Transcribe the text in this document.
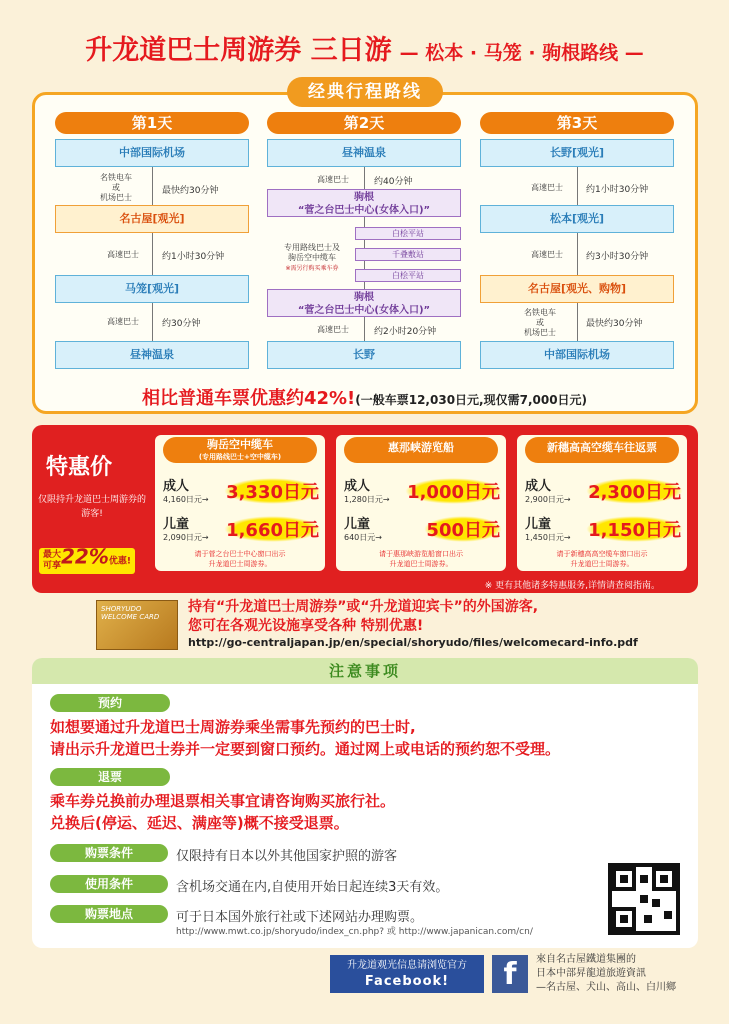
升龙道巴士周游券 三日游 — 松本 · 马笼 · 驹根路线 —
经典行程路线
第1天
中部国际机场
名铁电车
或
机场巴士
最快约30分钟
名古屋[观光]
高速巴士	约1小时30分钟
马笼[观光]
高速巴士	约30分钟
昼神温泉
第2天
昼神温泉
高速巴士	约40分钟
驹根
“菅之台巴士中心(女体入口)”
专用路线巴士及
驹岳空中缆车
※需另行购买乘车券
白桧平站
千叠敷站
白桧平站
驹根
“菅之台巴士中心(女体入口)”
高速巴士	约2小时20分钟
长野
第3天
长野[观光]
高速巴士	约1小时30分钟
松本[观光]
高速巴士	约3小时30分钟
名古屋[观光、购物]
名铁电车
或
机场巴士
最快约30分钟
中部国际机场
相比普通车票优惠约42%!(一般车票12,030日元,现仅需7,000日元)
特惠价
仅限持升龙道巴士周游券的游客!
最大
可享22%优惠!
驹岳空中缆车
(专用路线巴士+空中缆车)
成人
4,160日元→ 3,330日元
儿童
2,090日元→ 1,660日元
请于菅之台巴士中心窗口出示
升龙道巴士周游券。
惠那峡游览船
成人
1,280日元→ 1,000日元
儿童
640日元→	500日元
请于惠那峡游览船窗口出示
升龙道巴士周游券。
新穗高高空缆车往返票
成人
2,900日元→ 2,300日元
儿童
1,450日元→ 1,150日元
请于新穗高高空缆车窗口出示
升龙道巴士周游券。
※ 更有其他诸多特惠服务,详情请查阅指南。
SHORYUDO WELCOME CARD
持有“升龙道巴士周游券”或“升龙道迎宾卡”的外国游客,
您可在各观光设施享受各种 特别优惠!
http://go-centraljapan.jp/en/special/shoryudo/files/welcomecard-info.pdf
注意事项
预约
如想要通过升龙道巴士周游券乘坐需事先预约的巴士时,
请出示升龙道巴士券并一定要到窗口预约。通过网上或电话的预约恕不受理。
退票
乘车券兑换前办理退票相关事宜请咨询购买旅行社。
兑换后(停运、延迟、满座等)概不接受退票。
购票条件	仅限持有日本以外其他国家护照的游客
使用条件	含机场交通在内,自使用开始日起连续3天有效。
购票地点	可于日本国外旅行社或下述网站办理购票。
http://www.mwt.co.jp/shoryudo/index_cn.php? 或 http://www.japanican.com/cn/
升龙道观光信息请浏览官方
Facebook!	f	來自名古屋鐵道集團的
日本中部昇龍道旅遊資訊
—名古屋、犬山、高山、白川鄉
